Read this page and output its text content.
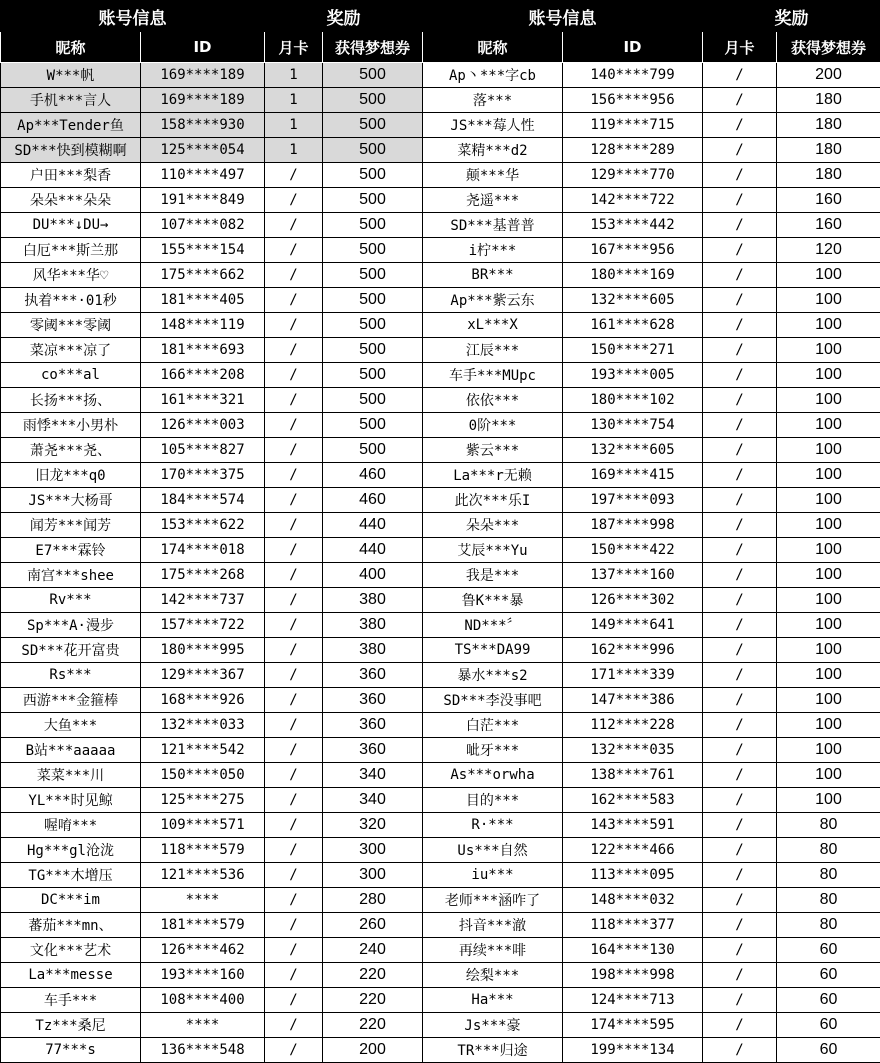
账号信息		奖励		账号信息		奖励	
昵称	ID	月卡	获得梦想券	昵称	ID	月卡	获得梦想券
W***帆	169****189	1	500	Ap丶***字cb	140****799	/	200
手机***言人	169****189	1	500	落***	156****956	/	180
Ap***Tender鱼	158****930	1	500	JS***莓人性	119****715	/	180
SD***快到模糊啊	125****054	1	500	菜精***d2	128****289	/	180
户田***梨香	110****497	/	500	颠***华	129****770	/	180
朵朵***朵朵	191****849	/	500	尧遥***	142****722	/	160
DU***↓DU→	107****082	/	500	SD***基普普	153****442	/	160
白厄***斯兰那	155****154	/	500	i柠***	167****956	/	120
风华***华♡	175****662	/	500	BR***	180****169	/	100
执着***·01秒	181****405	/	500	Ap***紫云东	132****605	/	100
零阈***零阈	148****119	/	500	xL***X	161****628	/	100
菜凉***凉了	181****693	/	500	江辰***	150****271	/	100
co***al	166****208	/	500	车手***MUpc	193****005	/	100
长扬***扬、	161****321	/	500	依依***	180****102	/	100
雨悸***小男朴	126****003	/	500	0阶***	130****754	/	100
萧尧***尧、	105****827	/	500	紫云***	132****605	/	100
旧龙***q0	170****375	/	460	La***r无赖	169****415	/	100
JS***大杨哥	184****574	/	460	此次***乐I	197****093	/	100
闻芳***闻芳	153****622	/	440	朵朵***	187****998	/	100
E7***霖铃	174****018	/	440	艾辰***Yu	150****422	/	100
南宫***shee	175****268	/	400	我是***	137****160	/	100
Rv***	142****737	/	380	鲁K***暴	126****302	/	100
Sp***A·漫步	157****722	/	380	ND***〞	149****641	/	100
SD***花开富贵	180****995	/	380	TS***DA99	162****996	/	100
Rs***	129****367	/	360	暴水***s2	171****339	/	100
西游***金箍棒	168****926	/	360	SD***李没事吧	147****386	/	100
大鱼***	132****033	/	360	白茫***	112****228	/	100
B站***aaaaa	121****542	/	360	呲牙***	132****035	/	100
菜菜***川	150****050	/	340	As***orwha	138****761	/	100
YL***时见鲸	125****275	/	340	目的***	162****583	/	100
喔唷***	109****571	/	320	R·***	143****591	/	80
Hg***gl沧泷	118****579	/	300	Us***自然	122****466	/	80
TG***木增压	121****536	/	300	iu***	113****095	/	80
DC***im	****	/	280	老师***涵咋了	148****032	/	80
蕃茄***mn、	181****579	/	260	抖音***澈	118****377	/	80
文化***艺术	126****462	/	240	再续***啡	164****130	/	60
La***messe	193****160	/	220	绘梨***	198****998	/	60
车手***	108****400	/	220	Ha***	124****713	/	60
Tz***桑尼	****	/	220	Js***豪	174****595	/	60
77***s	136****548	/	200	TR***归途	199****134	/	60
